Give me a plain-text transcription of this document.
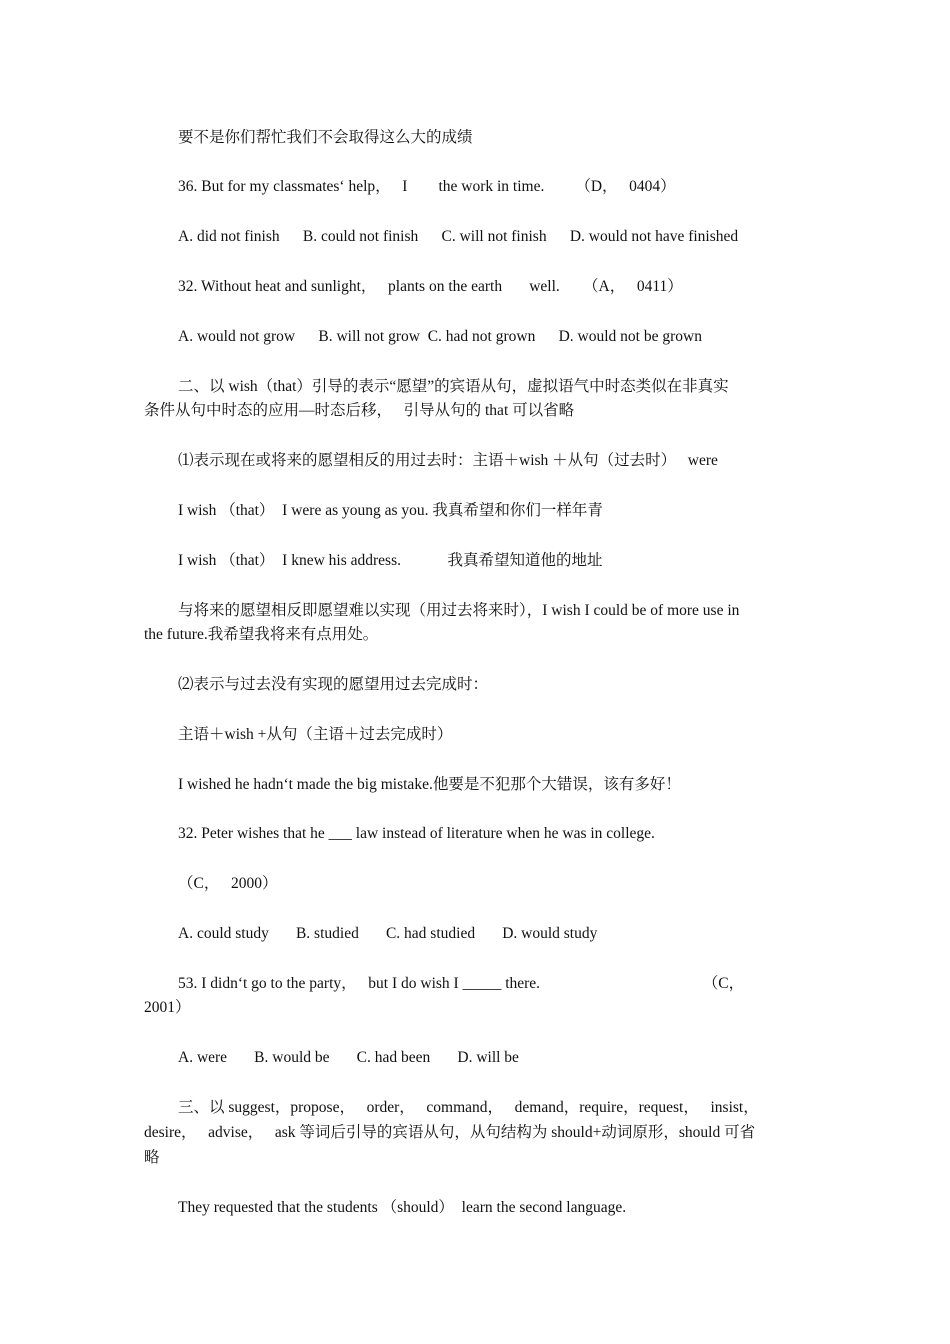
要不是你们帮忙我们不会取得这么大的成绩
36. But for my classmates‘ help，   I        the work in time.        （D，   0404）
A. did not finish      B. could not finish      C. will not finish      D. would not have finished
32. Without heat and sunlight，   plants on the earth       well.      （A，   0411）
A. would not grow      B. will not grow  C. had not grown      D. would not be grown
二、以 wish（that）引导的表示“愿望”的宾语从句，虚拟语气中时态类似在非真实
条件从句中时态的应用—时态后移，   引导从句的 that 可以省略
⑴表示现在或将来的愿望相反的用过去时：主语＋wish ＋从句（过去时）   were
I wish （that）  I were as young as you. 我真希望和你们一样年青
I wish （that）  I knew his address.            我真希望知道他的地址
与将来的愿望相反即愿望难以实现（用过去将来时），I wish I could be of more use in
the future.我希望我将来有点用处。
⑵表示与过去没有实现的愿望用过去完成时：
主语＋wish +从句（主语＋过去完成时）
I wished he hadn‘t made the big mistake.他要是不犯那个大错误，该有多好！
32. Peter wishes that he ___ law instead of literature when he was in college.
（C，   2000）
A. could study       B. studied       C. had studied       D. would study
53. I didn‘t go to the party，   but I do wish I _____ there.                                          （C，
2001）
A. were       B. would be       C. had been       D. will be
三、以 suggest，propose，   order，   command，   demand，require，request，   insist，
desire，   advise，   ask 等词后引导的宾语从句，从句结构为 should+动词原形，should 可省
略
They requested that the students （should）  learn the second language.
